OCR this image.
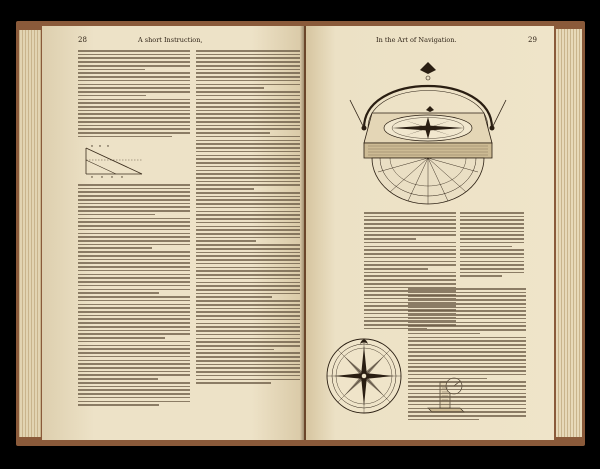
28	A short Instruction,	In the Art of Navigation.	29
